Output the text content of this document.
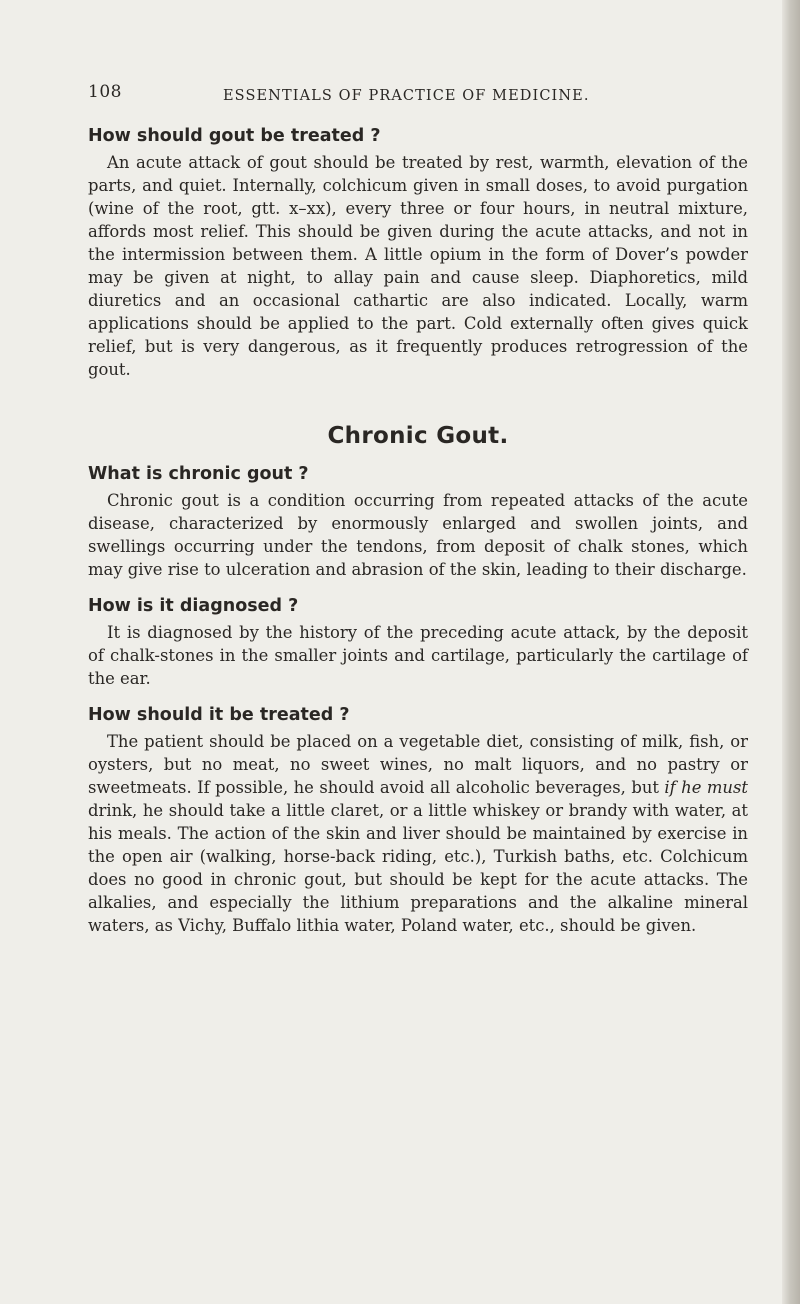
108	ESSENTIALS OF PRACTICE OF MEDICINE.
How should gout be treated ?

An acute attack of gout should be treated by rest, warmth, elevation of the parts, and quiet. Internally, colchicum given in small doses, to avoid purgation (wine of the root, gtt. x–xx), every three or four hours, in neutral mixture, affords most relief. This should be given during the acute attacks, and not in the intermission between them. A little opium in the form of Dover’s powder may be given at night, to allay pain and cause sleep. Diaphoretics, mild diuretics and an occasional cathartic are also indicated. Locally, warm applications should be applied to the part. Cold externally often gives quick relief, but is very dangerous, as it frequently produces retrogression of the gout.

Chronic Gout.
What is chronic gout ?

Chronic gout is a condition occurring from repeated attacks of the acute disease, characterized by enormously enlarged and swollen joints, and swellings occurring under the tendons, from deposit of chalk stones, which may give rise to ulceration and abrasion of the skin, leading to their discharge.

How is it diagnosed ?

It is diagnosed by the history of the preceding acute attack, by the deposit of chalk-stones in the smaller joints and cartilage, particularly the cartilage of the ear.

How should it be treated ?

The patient should be placed on a vegetable diet, consisting of milk, fish, or oysters, but no meat, no sweet wines, no malt liquors, and no pastry or sweetmeats. If possible, he should avoid all alcoholic beverages, but if he must drink, he should take a little claret, or a little whiskey or brandy with water, at his meals. The action of the skin and liver should be maintained by exercise in the open air (walking, horse-back riding, etc.), Turkish baths, etc. Colchicum does no good in chronic gout, but should be kept for the acute attacks. The alkalies, and especially the lithium preparations and the alkaline mineral waters, as Vichy, Buffalo lithia water, Poland water, etc., should be given.
